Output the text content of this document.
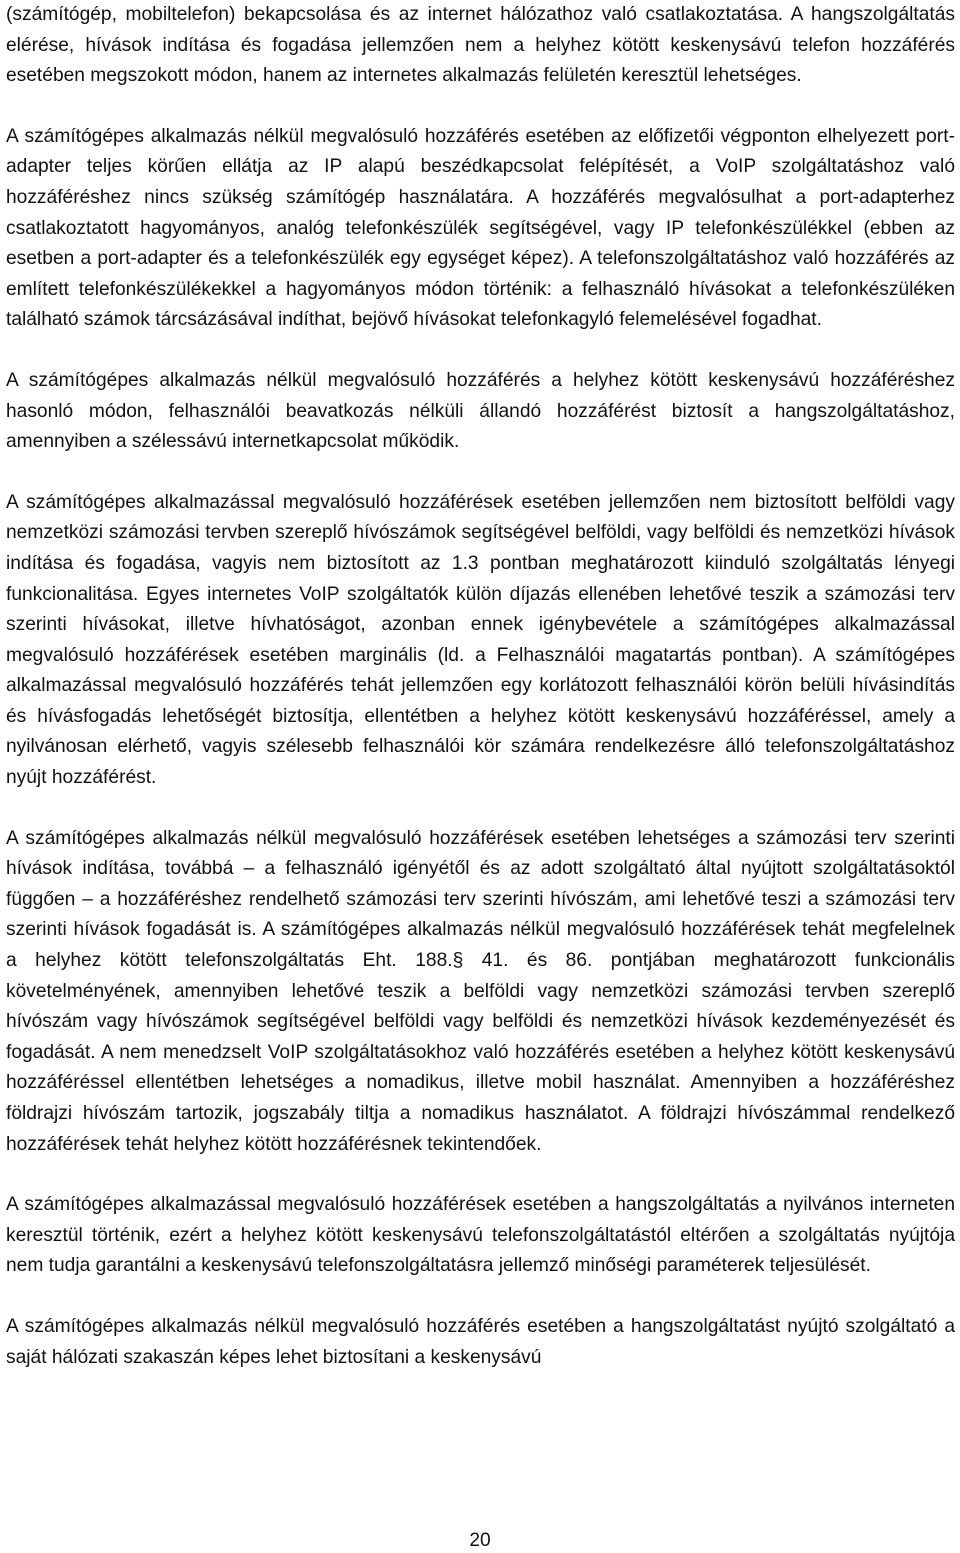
(számítógép, mobiltelefon) bekapcsolása és az internet hálózathoz való csatlakoztatása. A hangszolgáltatás elérése, hívások indítása és fogadása jellemzően nem a helyhez kötött keskenysávú telefon hozzáférés esetében megszokott módon, hanem az internetes alkalmazás felületén keresztül lehetséges.

A számítógépes alkalmazás nélkül megvalósuló hozzáférés esetében az előfizetői végponton elhelyezett port-adapter teljes körűen ellátja az IP alapú beszédkapcsolat felépítését, a VoIP szolgáltatáshoz való hozzáféréshez nincs szükség számítógép használatára. A hozzáférés megvalósulhat a port-adapterhez csatlakoztatott hagyományos, analóg telefonkészülék segítségével, vagy IP telefonkészülékkel (ebben az esetben a port-adapter és a telefonkészülék egy egységet képez). A telefonszolgáltatáshoz való hozzáférés az említett telefonkészülékekkel a hagyományos módon történik: a felhasználó hívásokat a telefonkészüléken található számok tárcsázásával indíthat, bejövő hívásokat telefonkagyló felemelésével fogadhat.

A számítógépes alkalmazás nélkül megvalósuló hozzáférés a helyhez kötött keskenysávú hozzáféréshez hasonló módon, felhasználói beavatkozás nélküli állandó hozzáférést biztosít a hangszolgáltatáshoz, amennyiben a szélessávú internetkapcsolat működik.

A számítógépes alkalmazással megvalósuló hozzáférések esetében jellemzően nem biztosított belföldi vagy nemzetközi számozási tervben szereplő hívószámok segítségével belföldi, vagy belföldi és nemzetközi hívások indítása és fogadása, vagyis nem biztosított az 1.3 pontban meghatározott kiinduló szolgáltatás lényegi funkcionalitása. Egyes internetes VoIP szolgáltatók külön díjazás ellenében lehetővé teszik a számozási terv szerinti hívásokat, illetve hívhatóságot, azonban ennek igénybevétele a számítógépes alkalmazással megvalósuló hozzáférések esetében marginális (ld. a Felhasználói magatartás pontban). A számítógépes alkalmazással megvalósuló hozzáférés tehát jellemzően egy korlátozott felhasználói körön belüli hívásindítás és hívásfogadás lehetőségét biztosítja, ellentétben a helyhez kötött keskenysávú hozzáféréssel, amely a nyilvánosan elérhető, vagyis szélesebb felhasználói kör számára rendelkezésre álló telefonszolgáltatáshoz nyújt hozzáférést.

A számítógépes alkalmazás nélkül megvalósuló hozzáférések esetében lehetséges a számozási terv szerinti hívások indítása, továbbá – a felhasználó igényétől és az adott szolgáltató által nyújtott szolgáltatásoktól függően – a hozzáféréshez rendelhető számozási terv szerinti hívószám, ami lehetővé teszi a számozási terv szerinti hívások fogadását is. A számítógépes alkalmazás nélkül megvalósuló hozzáférések tehát megfelelnek a helyhez kötött telefonszolgáltatás Eht. 188.§ 41. és 86. pontjában meghatározott funkcionális követelményének, amennyiben lehetővé teszik a belföldi vagy nemzetközi számozási tervben szereplő hívószám vagy hívószámok segítségével belföldi vagy belföldi és nemzetközi hívások kezdeményezését és fogadását. A nem menedzselt VoIP szolgáltatásokhoz való hozzáférés esetében a helyhez kötött keskenysávú hozzáféréssel ellentétben lehetséges a nomadikus, illetve mobil használat. Amennyiben a hozzáféréshez földrajzi hívószám tartozik, jogszabály tiltja a nomadikus használatot. A földrajzi hívószámmal rendelkező hozzáférések tehát helyhez kötött hozzáférésnek tekintendőek.

A számítógépes alkalmazással megvalósuló hozzáférések esetében a hangszolgáltatás a nyilvános interneten keresztül történik, ezért a helyhez kötött keskenysávú telefonszolgáltatástól eltérően a szolgáltatás nyújtója nem tudja garantálni a keskenysávú telefonszolgáltatásra jellemző minőségi paraméterek teljesülését.

A számítógépes alkalmazás nélkül megvalósuló hozzáférés esetében a hangszolgáltatást nyújtó szolgáltató a saját hálózati szakaszán képes lehet biztosítani a keskenysávú

20
